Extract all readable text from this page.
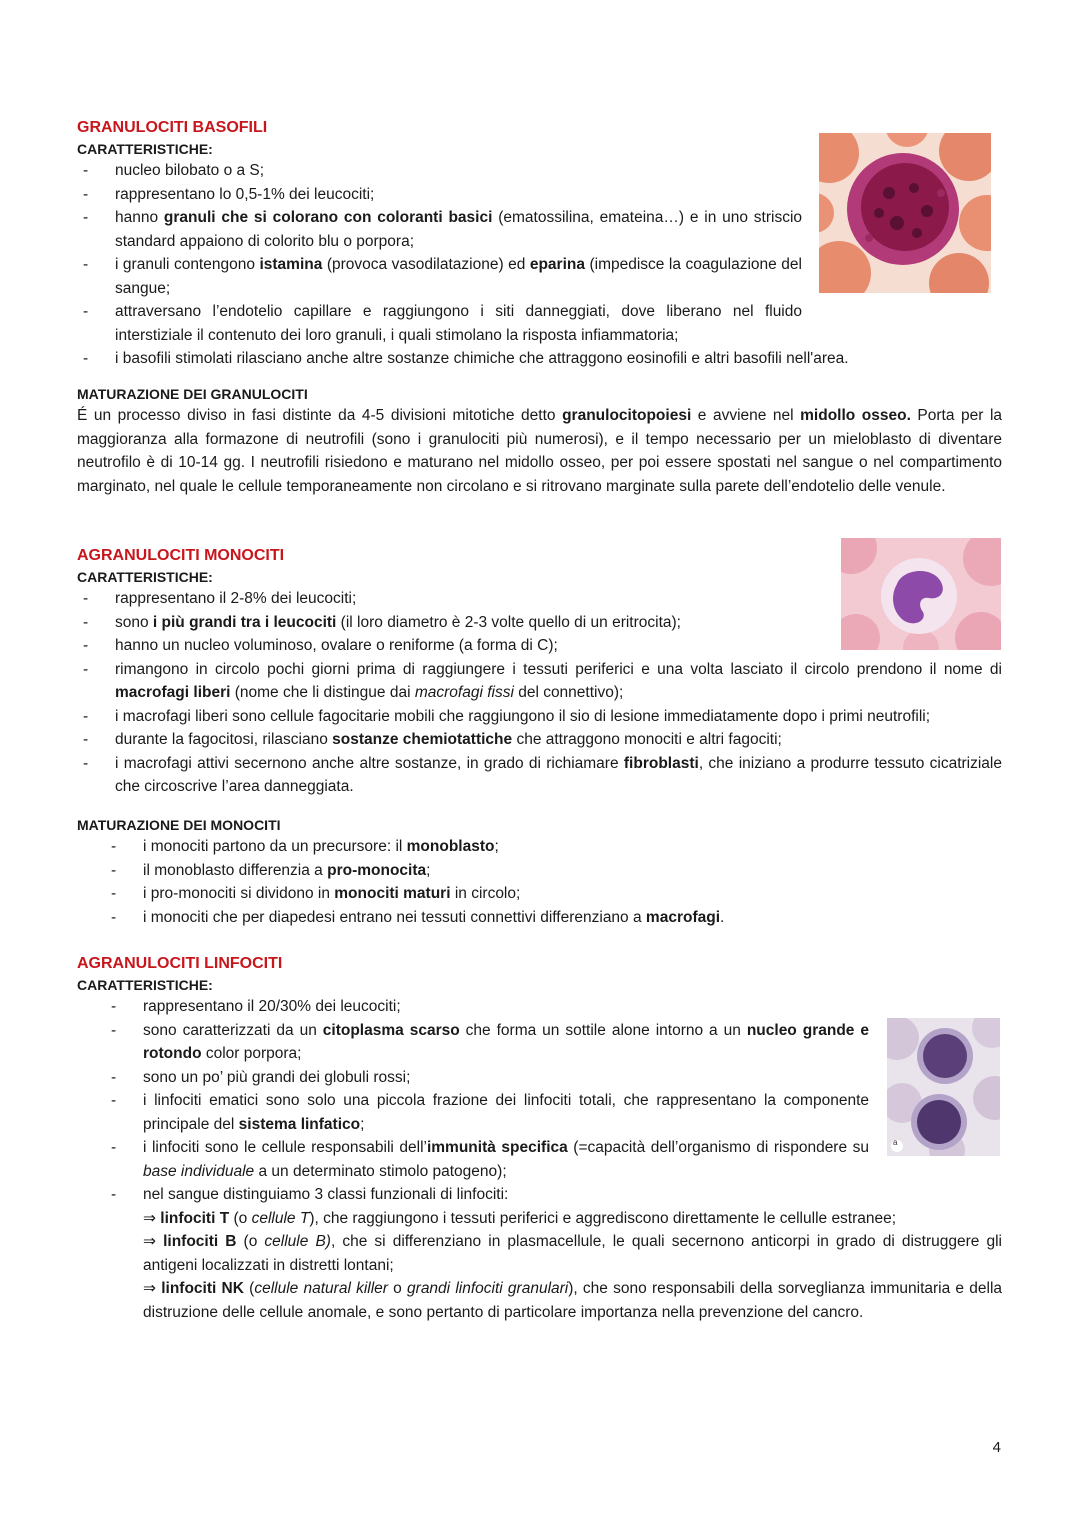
GRANULOCITI BASOFILI
CARATTERISTICHE:
- nucleo bilobato o a S;
- rappresentano lo 0,5-1% dei leucociti;
- hanno granuli che si colorano con coloranti basici (ematossilina, emateina…) e in uno striscio standard appaiono di colorito blu o porpora;
- i granuli contengono istamina (provoca vasodilatazione) ed eparina (impedisce la coagulazione del sangue;
- attraversano l’endotelio capillare e raggiungono i siti danneggiati, dove liberano nel fluido interstiziale il contenuto dei loro granuli, i quali stimolano la risposta infiammatoria;
- i basofili stimolati rilasciano anche altre sostanze chimiche che attraggono eosinofili e altri basofili nell'area.
MATURAZIONE DEI GRANULOCITI
É un processo diviso in fasi distinte da 4-5 divisioni mitotiche detto granulocitopoiesi e avviene nel midollo osseo. Porta per la maggioranza alla formazone di neutrofili (sono i granulociti più numerosi), e il tempo necessario per un mieloblasto di diventare neutrofilo è di 10-14 gg. I neutrofili risiedono e maturano nel midollo osseo, per poi essere spostati nel sangue o nel compartimento marginato, nel quale le cellule temporaneamente non circolano e si ritrovano marginate sulla parete dell’endotelio delle venule.
AGRANULOCITI MONOCITI
CARATTERISTICHE:
- rappresentano il 2-8% dei leucociti;
- sono i più grandi tra i leucociti (il loro diametro è 2-3 volte quello di un eritrocita);
- hanno un nucleo voluminoso, ovalare o reniforme (a forma di C);
- rimangono in circolo pochi giorni prima di raggiungere i tessuti periferici e una volta lasciato il circolo prendono il nome di macrofagi liberi (nome che li distingue dai macrofagi fissi del connettivo);
- i macrofagi liberi sono cellule fagocitarie mobili che raggiungono il sio di lesione immediatamente dopo i primi neutrofili;
- durante la fagocitosi, rilasciano sostanze chemiotattiche che attraggono monociti e altri fagociti;
- i macrofagi attivi secernono anche altre sostanze, in grado di richiamare fibroblasti, che iniziano a produrre tessuto cicatriziale che circoscrive l’area danneggiata.
MATURAZIONE DEI MONOCITI
- i monociti partono da un precursore: il monoblasto;
- il monoblasto differenzia a pro-monocita;
- i pro-monociti si dividono in monociti maturi in circolo;
- i monociti che per diapedesi entrano nei tessuti connettivi differenziano a macrofagi.
AGRANULOCITI LINFOCITI
CARATTERISTICHE:
- rappresentano il 20/30% dei leucociti;
- sono caratterizzati da un citoplasma scarso che forma un sottile alone intorno a un nucleo grande e rotondo color porpora;
- sono un po’ più grandi dei globuli rossi;
- i linfociti ematici sono solo una piccola frazione dei linfociti totali, che rappresentano la componente principale del sistema linfatico;
- i linfociti sono le cellule responsabili dell’immunità specifica (=capacità dell’organismo di rispondere su base individuale a un determinato stimolo patogeno);
- nel sangue distinguiamo 3 classi funzionali di linfociti:
⇒ linfociti T (o cellule T), che raggiungono i tessuti periferici e aggrediscono direttamente le cellulle estranee;
⇒ linfociti B (o cellule B), che si differenziano in plasmacellule, le quali secernono anticorpi in grado di distruggere gli antigeni localizzati in distretti lontani;
⇒ linfociti NK (cellule natural killer o grandi linfociti granulari), che sono responsabili della sorveglianza immunitaria e della distruzione delle cellule anomale, e sono pertanto di particolare importanza nella prevenzione del cancro.
a
4
